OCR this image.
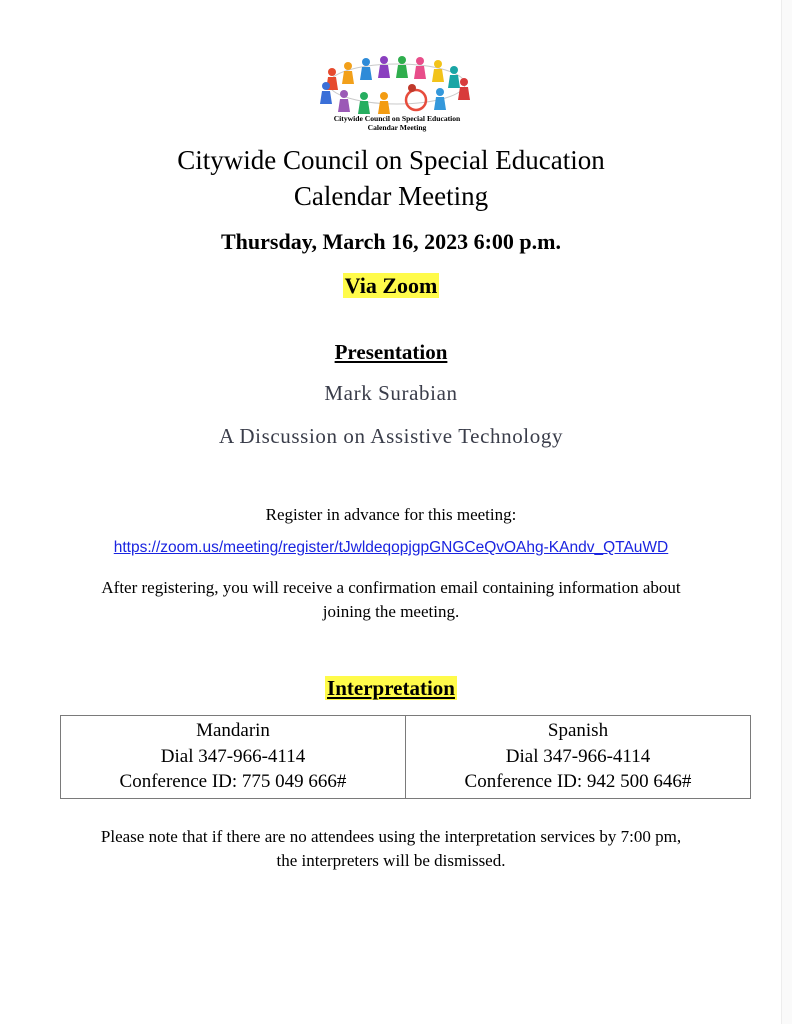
Citywide Council on Special Education
Calendar Meeting
Citywide Council on Special Education
Calendar Meeting
Thursday, March 16, 2023 6:00 p.m.
Via Zoom
Presentation
Mark Surabian
A Discussion on Assistive Technology
Register in advance for this meeting:
https://zoom.us/meeting/register/tJwldeqopjgpGNGCeQvOAhg-KAndv_QTAuWD
After registering, you will receive a confirmation email containing information about
joining the meeting.
Interpretation
Mandarin
Dial 347-966-4114
Conference ID: 775 049 666#

Spanish
Dial 347-966-4114
Conference ID: 942 500 646#
Please note that if there are no attendees using the interpretation services by 7:00 pm,
the interpreters will be dismissed.
